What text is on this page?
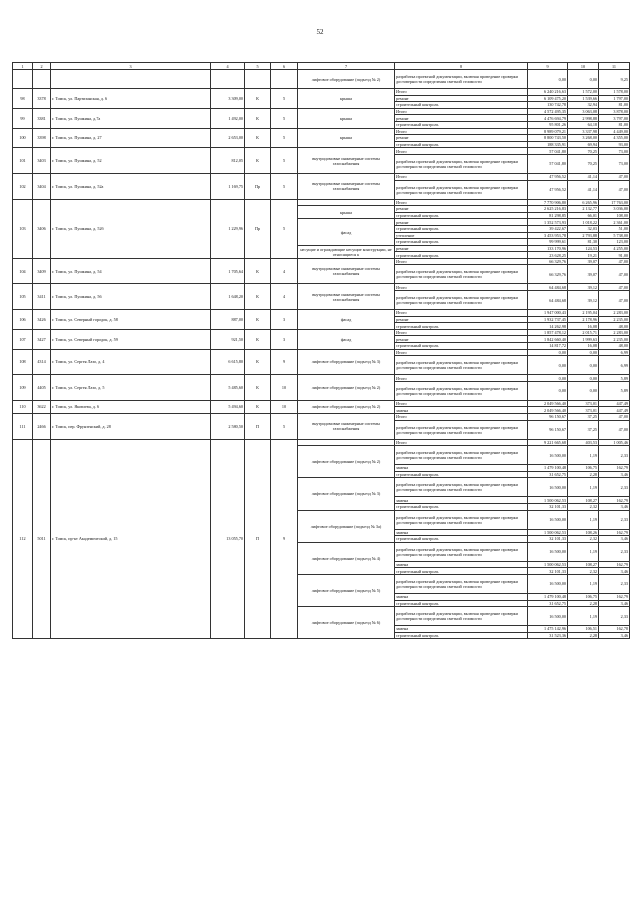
52
1	2	3	4	5	6	7	8	9	10	11
						лифтовое оборудование (подъезд № 2)	разработка проектной документации, включая проведение проверки достоверности определения сметной стоимости	0,00	0,00	9,25
98	3378	г. Томск, ул. Партизанская, д. 6	3 309,00	К	5	крыша	Итого	6 240 216,63	1 572,00	1 578,00
							ремонт	6 109 475,20	1 539,66	1 797,00
							строительный контроль	130 742,78	32,94	81,00
99	3381	г. Томск, ул. Пушкина, д.7а	1 492,00	К	5	крыша	Итого	4 572 495,35	3 063,08	3 878,00
							ремонт	4 476 694,79	2 998,88	3 797,00
							строительный контроль	95 801,26	64,18	81,00
100	3398	г. Томск, ул. Пушкина, д. 27	2 653,00	К	5	крыша	Итого	8 989 079,21	3 337,98	4 449,00
							ремонт	8 800 743,50	3 268,00	4 355,00
							строительный контроль	188 335,91	69,94	93,00
101	3403	г. Томск, ул. Пушкина, д. 52	812,05	К	5	внутридомовые инженерные системы газоснабжения	Итого	57 041,80	70,25	73,00
							разработка проектной документации, включая проведение проверки достоверности определения сметной стоимости	57 041,80	70,25	73,00
102	3404	г. Томск, ул. Пушкина, д. 52а	1 169,75	Пр	5	внутридомовые инженерные системы газоснабжения	Итого	47 956,52	41,14	47,00
							разработка проектной документации, включая проведение проверки достоверности определения сметной стоимости	47 956,52	41,14	47,00
103	3406	г. Томск, ул. Пушкина, д. 52б	1 229,96	Пр	5		Итого	7 770 906,80	6 265,96	17 763,00
						крыша	ремонт	2 625 216,83	2 132,77	3 036,00
							строительный контроль	81 298,85	66,01	108,00
						фасад	ремонт	1 352 573,93	1 018,22	2 361,00
							строительный контроль	39 422,67	32,03	51,00
							утепление	3 453 953,78	2 793,88	5 738,00
							строительный контроль	99 999,61	81,30	123,00
						несущие и ограждающие несущие конструкции, не относящиеся к	ремонт	133 170,96	124,53	4 255,00
							строительный контроль	23 628,25	19,21	91,00
104	3409	г. Томск, ул. Пушкина, д. 54	1 705,64	К	4	внутридомовые инженерные системы газоснабжения	Итого	66 329,76	39,07	47,00
							разработка проектной документации, включая проведение проверки достоверности определения сметной стоимости	66 329,76	39,07	47,00
105	3411	г. Томск, ул. Пушкина, д. 56	1 648,20	К	4	внутридомовые инженерные системы газоснабжения	Итого	64 484,68	39,12	47,00
							разработка проектной документации, включая проведение проверки достоверности определения сметной стоимости	64 484,68	39,12	47,00
106	3426	г. Томск, ул. Северный городок, д. 58	887,00	К	3	фасад	Итого	1 947 000,43	2 195,04	2 283,00
							ремонт	1 932 737,45	2 178,96	2 235,00
							строительный контроль	14 262,98	16,08	48,00
107	3427	г. Томск, ул. Северный городок, д. 59	921,50	К	3	фасад	Итого	1 857 478,12	2 015,71	2 283,00
							ремонт	1 842 660,40	1 999,63	2 235,00
							строительный контроль	14 817,72	16,08	48,00
108	4314	г. Томск, ул. Сергея Лазо, д. 4	6 615,80	К	9	лифтовое оборудование (подъезд № 3)	Итого	0,00	0,00	6,99
							разработка проектной документации, включая проведение проверки достоверности определения сметной стоимости	0,00	0,00	6,99
109	4405	г. Томск, ул. Сергея Лазо, д. 5	5 485,60	К	10	лифтовое оборудование (подъезд № 2)	Итого	0,00	0,00	5,89
							разработка проектной документации, включая проведение проверки достоверности определения сметной стоимости	0,00	0,00	5,89
110	3622	г. Томск, ул. Яковлева, д. 6	5 494,60	К	10	лифтовое оборудование (подъезд № 2)	Итого	2 049 566,40	373,01	447,49
							замена	2 049 566,40	373,01	447,49
111	2466	г. Томск, пер. Фрунзенский, д. 28	2 580,50	П	5	внутридомовые инженерные системы газоснабжения	Итого	96 150,67	37,25	47,00
							разработка проектной документации, включая проведение проверки достоверности определения сметной стоимости	96 150,67	37,25	47,00
112	5011	г. Томск, пр-кт Академический, д. 15	13 055,70	П	9		Итого	9 221 665,68	403,53	1 005,46
						лифтовое оборудование (подъезд № 2)	разработка проектной документации, включая проведение проверки достоверности определения сметной стоимости	16 500,00	1,19	2,33
							замена	1 479 100,48	106,75	162,79
							строительный контроль	31 652,75	2,28	3,46
						лифтовое оборудование (подъезд № 3)	разработка проектной документации, включая проведение проверки достоверности определения сметной стоимости	16 500,00	1,19	2,33
							замена	1 500 062,53	108,27	162,79
							строительный контроль	32 101,33	2,32	3,46
						лифтовое оборудование (подъезд № 3а)	разработка проектной документации, включая проведение проверки достоверности определения сметной стоимости	16 500,00	1,19	2,33
							замена	1 500 062,53	108,26	162,79
							строительный контроль	32 101,33	2,32	3,46
						лифтовое оборудование (подъезд № 4)	разработка проектной документации, включая проведение проверки достоверности определения сметной стоимости	16 500,00	1,19	2,33
							замена	1 500 062,53	108,27	162,79
							строительный контроль	32 101,33	2,32	3,46
						лифтовое оборудование (подъезд № 5)	разработка проектной документации, включая проведение проверки достоверности определения сметной стоимости	16 500,00	1,19	2,33
							замена	1 479 100,48	106,75	162,79
							строительный контроль	31 652,75	2,28	3,46
						лифтовое оборудование (подъезд № 6)	разработка проектной документации, включая проведение проверки достоверности определения сметной стоимости	16 500,00	1,19	2,33
							замена	1 475 142,96	106,51	162,78
							строительный контроль	31 523,36	2,28	3,46
